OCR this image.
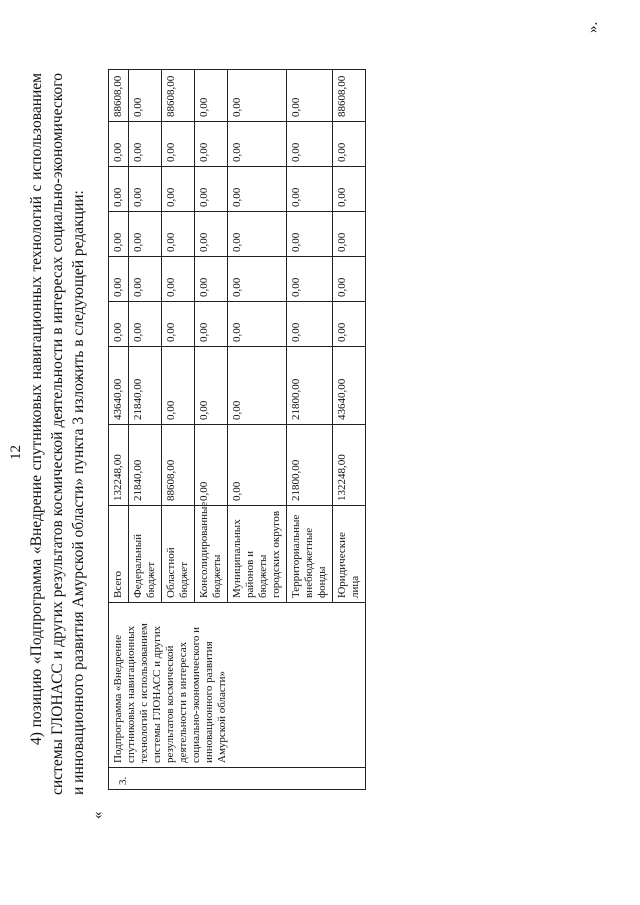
12 4) позицию «Подпрограмма «Внедрение спутниковых навигационных технологий с использованием системы ГЛОНАСС и других результатов космической деятельности в интересах социально-экономического и инновационного развития Амурской области» пункта 3 изложить в следующей редакции:
«
3.	Подпрограмма «Внедрение спутниковых навигационных технологий с использованием системы ГЛОНАСС и других результатов космической деятельности в интересах социально-экономического и инновационного развития Амурской области»	Всего	132248,00	43640,00	0,00	0,00	0,00	0,00	0,00	88608,00
		Федеральный бюджет	21840,00	21840,00	0,00	0,00	0,00	0,00	0,00	0,00
		Областной бюджет	88608,00	0,00	0,00	0,00	0,00	0,00	0,00	88608,00
		Консолидированные бюджеты	0,00	0,00	0,00	0,00	0,00	0,00	0,00	0,00
		Муниципальных районов и бюджеты городских округов	0,00	0,00	0,00	0,00	0,00	0,00	0,00	0,00
		Территориальные внебюджетные фонды	21800,00	21800,00	0,00	0,00	0,00	0,00	0,00	0,00
		Юридические лица	132248,00	43640,00	0,00	0,00	0,00	0,00	0,00	88608,00
».
